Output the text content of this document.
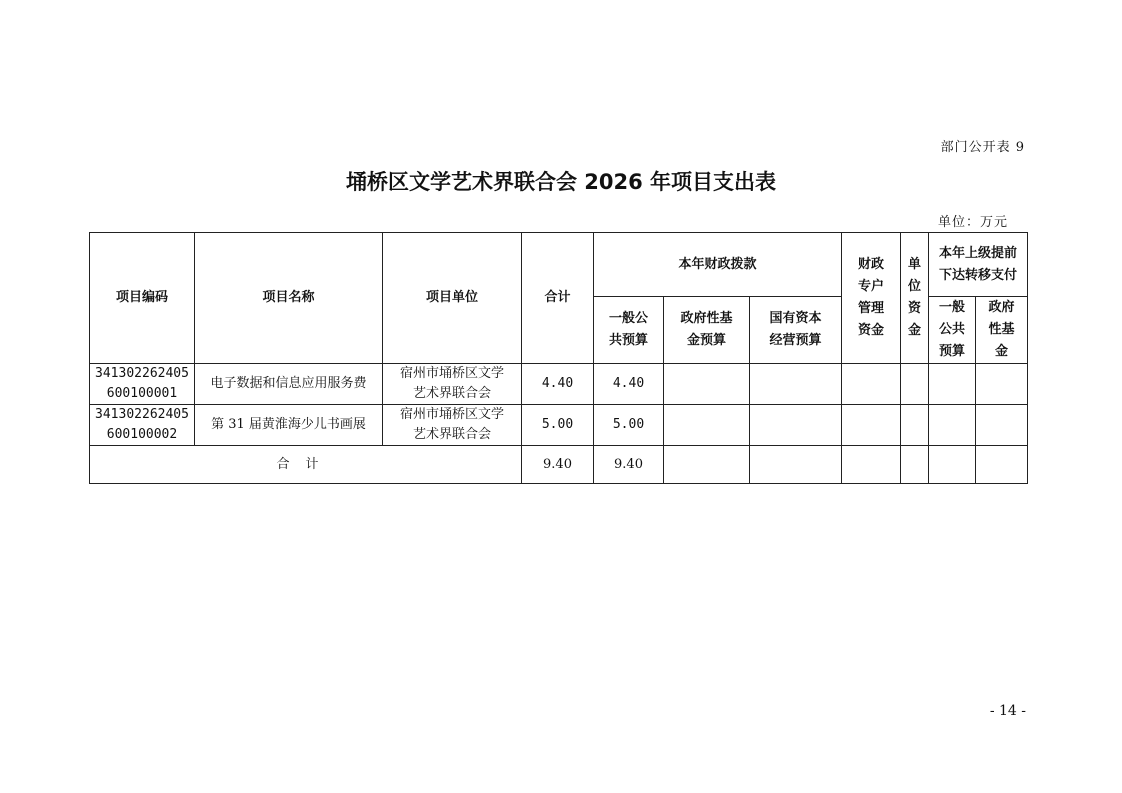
部门公开表 9
埇桥区文学艺术界联合会 2026 年项目支出表
单位：万元
项目编码	项目名称	项目单位	合计	本年财政拨款			财政专户管理资金	单位资金	本年上级提前下达转移支付	
				一般公共预算	政府性基金预算	国有资本经营预算			一般公共预算	政府性基金
341302262405
600100001	电子数据和信息应用服务费	宿州市埇桥区文学
艺术界联合会	4.40	4.40						
341302262405
600100002	第 31 届黄淮海少儿书画展	宿州市埇桥区文学
艺术界联合会	5.00	5.00						
合计			9.40	9.40						
- 14 -
